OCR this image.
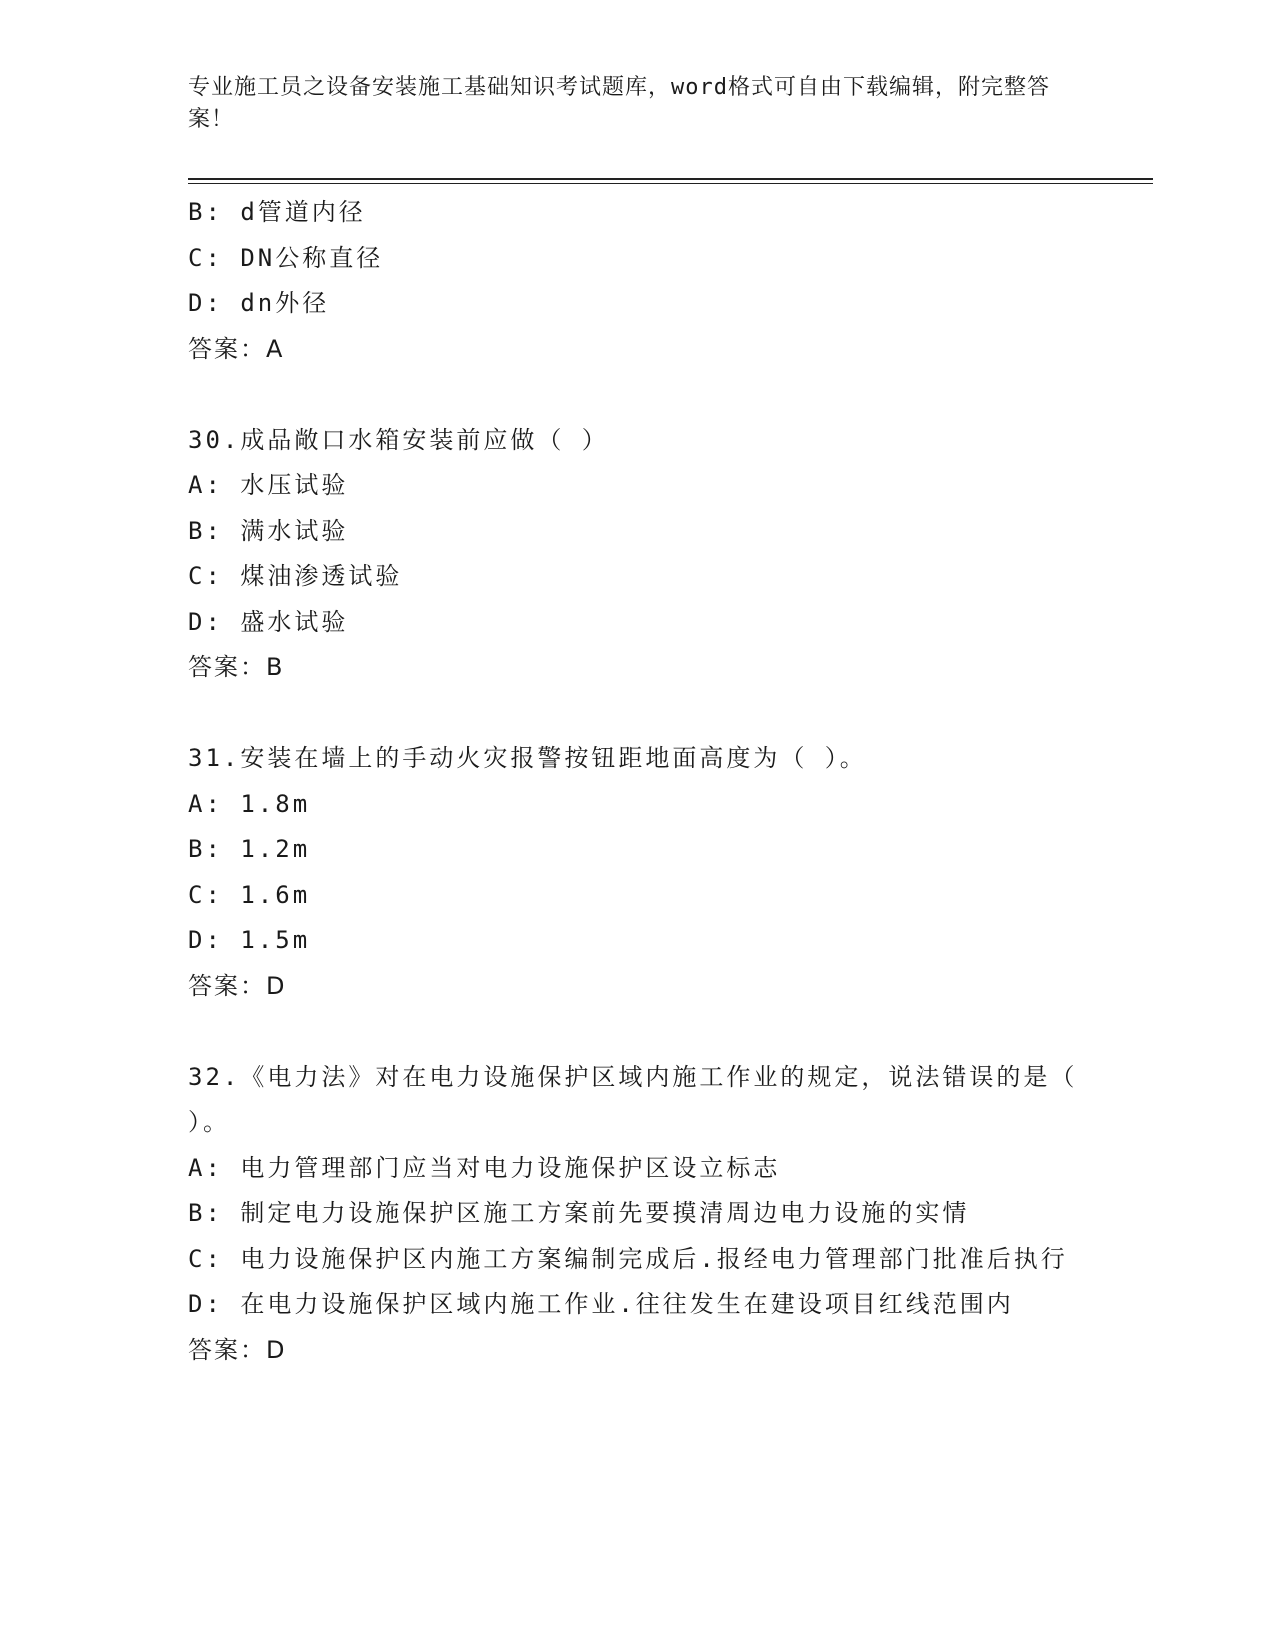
专业施工员之设备安装施工基础知识考试题库，word格式可自由下载编辑，附完整答案！
B: d管道内径
C: DN公称直径
D: dn外径
答案：A
30.成品敞口水箱安装前应做（ ）
A: 水压试验
B: 满水试验
C: 煤油渗透试验
D: 盛水试验
答案：B
31.安装在墙上的手动火灾报警按钮距地面高度为（ ）。
A: 1.8m
B: 1.2m
C: 1.6m
D: 1.5m
答案：D
32.《电力法》对在电力设施保护区域内施工作业的规定，说法错误的是（ ）。
A: 电力管理部门应当对电力设施保护区设立标志
B: 制定电力设施保护区施工方案前先要摸清周边电力设施的实情
C: 电力设施保护区内施工方案编制完成后.报经电力管理部门批准后执行
D: 在电力设施保护区域内施工作业.往往发生在建设项目红线范围内
答案：D
